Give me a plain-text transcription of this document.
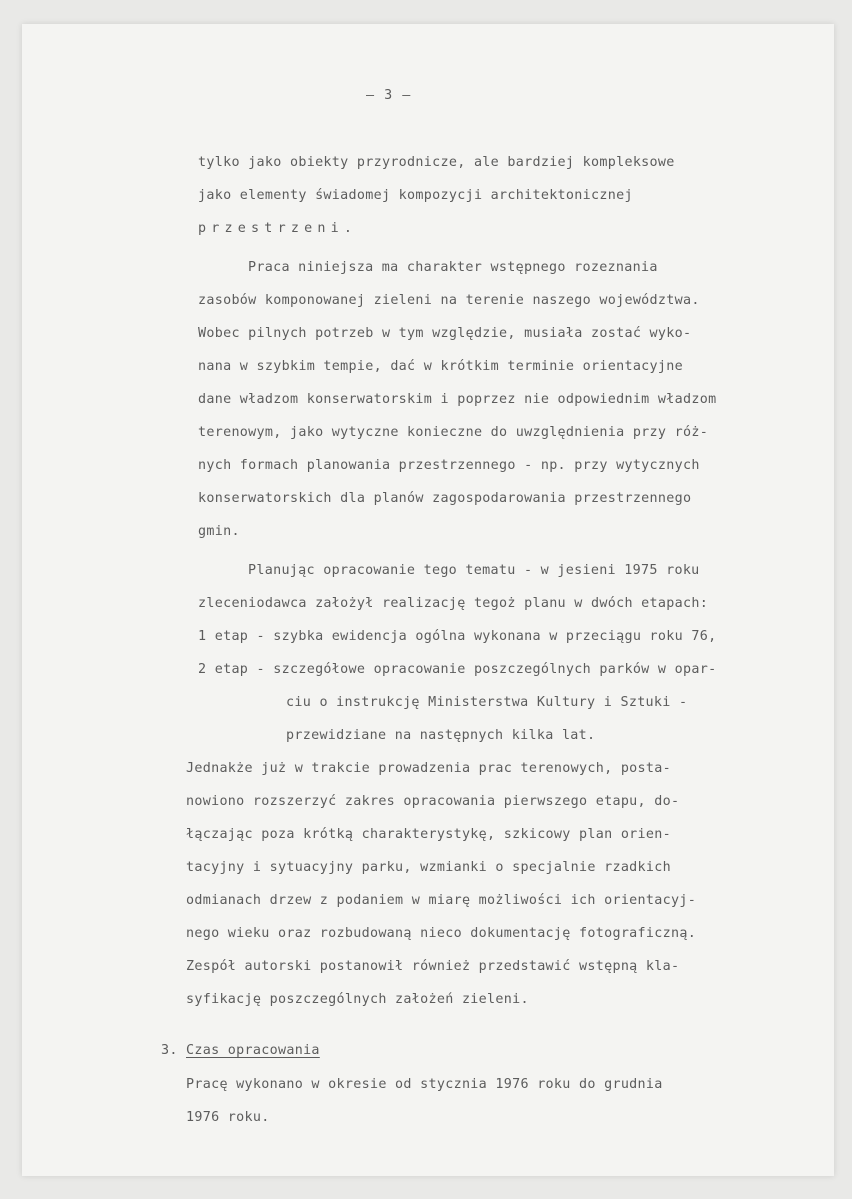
— 3 —
tylko jako obiekty przyrodnicze, ale bardziej kompleksowe
jako elementy świadomej kompozycji architektonicznej
przestrzeni.
Praca niniejsza ma charakter wstępnego rozeznania
zasobów komponowanej zieleni na terenie naszego województwa.
Wobec pilnych potrzeb w tym względzie, musiała zostać wyko-
nana w szybkim tempie, dać w krótkim terminie orientacyjne
dane władzom konserwatorskim i poprzez nie odpowiednim władzom
terenowym, jako wytyczne konieczne do uwzględnienia przy róż-
nych formach planowania przestrzennego - np. przy wytycznych
konserwatorskich dla planów zagospodarowania przestrzennego
gmin.
Planując opracowanie tego tematu - w jesieni 1975 roku
zleceniodawca założył realizację tegoż planu w dwóch etapach:
1 etap - szybka ewidencja ogólna wykonana w przeciągu roku 76,
2 etap - szczegółowe opracowanie poszczególnych parków w opar-
ciu o instrukcję Ministerstwa Kultury i Sztuki -
przewidziane na następnych kilka lat.
Jednakże już w trakcie prowadzenia prac terenowych, posta-
nowiono rozszerzyć zakres opracowania pierwszego etapu, do-
łączając poza krótką charakterystykę, szkicowy plan orien-
tacyjny i sytuacyjny parku, wzmianki o specjalnie rzadkich
odmianach drzew z podaniem w miarę możliwości ich orientacyj-
nego wieku oraz rozbudowaną nieco dokumentację fotograficzną.
Zespół autorski postanowił również przedstawić wstępną kla-
syfikację poszczególnych założeń zieleni.
3. Czas opracowania
Pracę wykonano w okresie od stycznia 1976 roku do grudnia
1976 roku.
